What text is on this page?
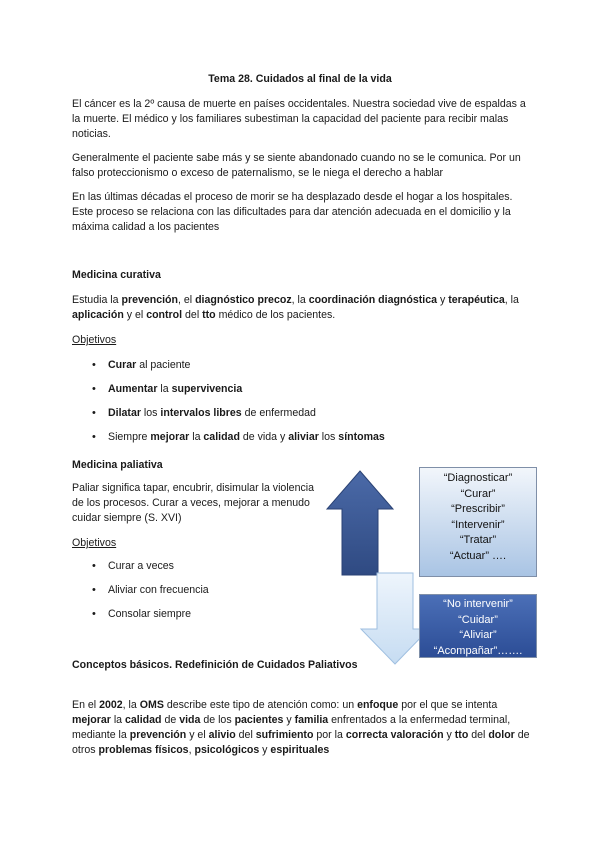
Tema 28. Cuidados al final de la vida

El cáncer es la 2º causa de muerte en países occidentales. Nuestra sociedad vive de espaldas a la muerte. El médico y los familiares subestiman la capacidad del paciente para recibir malas noticias.

Generalmente el paciente sabe más y se siente abandonado cuando no se le comunica. Por un falso proteccionismo o exceso de paternalismo, se le niega el derecho a hablar

En las últimas décadas el proceso de morir se ha desplazado desde el hogar a los hospitales. Este proceso se relaciona con las dificultades para dar atención adecuada en el domicilio y la máxima calidad a los pacientes

Medicina curativa

Estudia la prevención, el diagnóstico precoz, la coordinación diagnóstica y terapéutica, la aplicación y el control del tto médico de los pacientes.

Objetivos

• Curar al paciente
• Aumentar la supervivencia
• Dilatar los intervalos libres de enfermedad
• Siempre mejorar la calidad de vida y aliviar los síntomas

Medicina paliativa

Paliar significa tapar, encubrir, disimular la violencia de los procesos. Curar a veces, mejorar a menudo cuidar siempre (S. XVI)

Objetivos

• Curar a veces
• Aliviar con frecuencia
• Consolar siempre
“Diagnosticar”
“Curar”
“Prescribir”
“Intervenir”
“Tratar”
“Actuar” ….
“No intervenir”
“Cuidar”
“Aliviar”
“Acompañar”…….

Conceptos básicos. Redefinición de Cuidados Paliativos

En el 2002, la OMS describe este tipo de atención como: un enfoque por el que se intenta mejorar la calidad de vida de los pacientes y familia enfrentados a la enfermedad terminal, mediante la prevención y el alivio del sufrimiento por la correcta valoración y tto del dolor de otros problemas físicos, psicológicos y espirituales
